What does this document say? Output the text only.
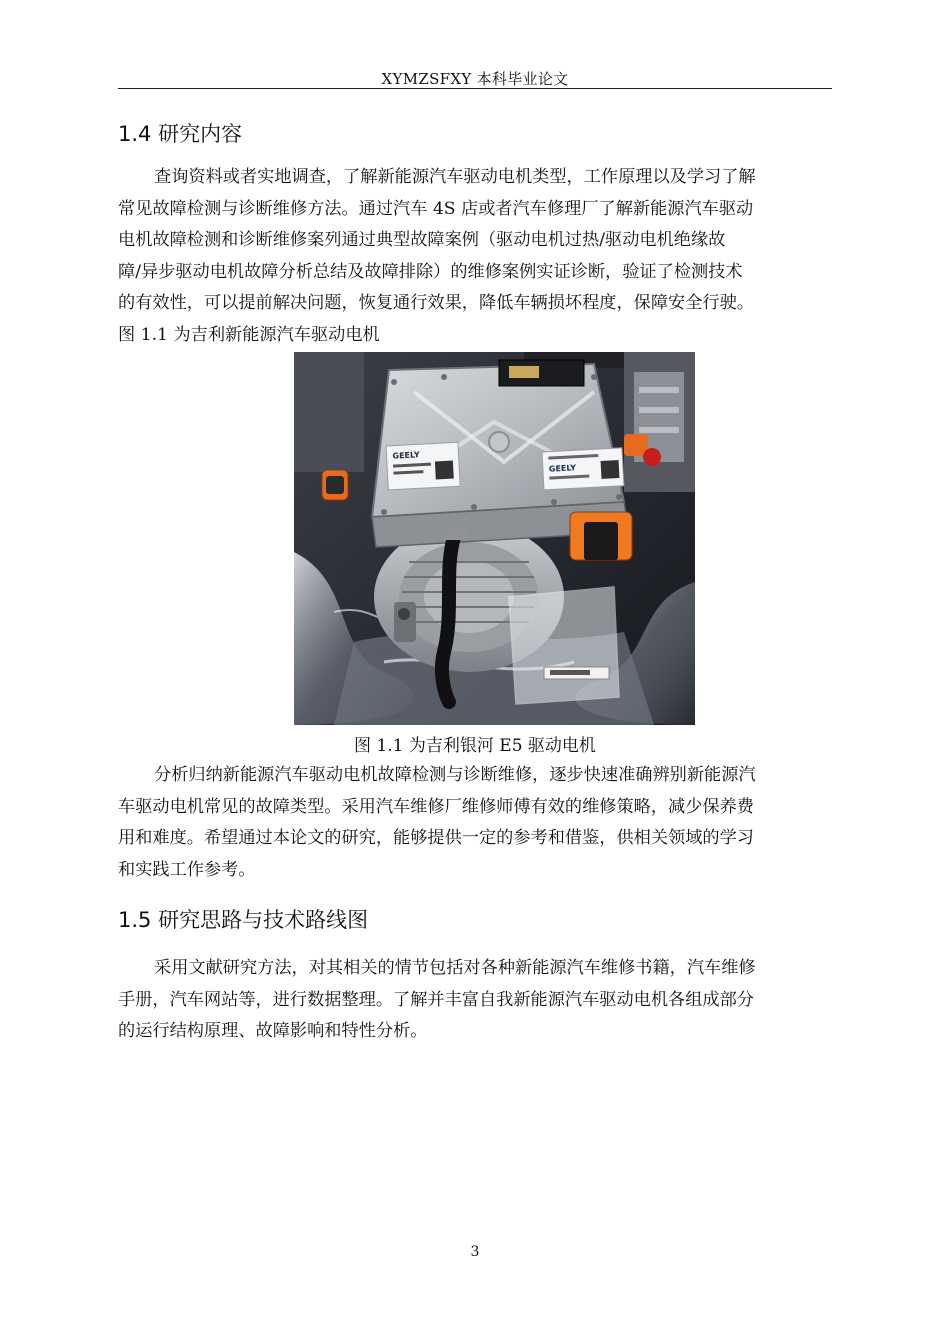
XYMZSFXY 本科毕业论文
1.4 研究内容
查询资料或者实地调查，了解新能源汽车驱动电机类型，工作原理以及学习了解
常见故障检测与诊断维修方法。通过汽车 4S 店或者汽车修理厂了解新能源汽车驱动
电机故障检测和诊断维修案列通过典型故障案例（驱动电机过热/驱动电机绝缘故
障/异步驱动电机故障分析总结及故障排除）的维修案例实证诊断，验证了检测技术
的有效性，可以提前解决问题，恢复通行效果，降低车辆损坏程度，保障安全行驶。
图 1.1 为吉利新能源汽车驱动电机
GEELY
GEELY
图 1.1 为吉利银河 E5 驱动电机
分析归纳新能源汽车驱动电机故障检测与诊断维修，逐步快速准确辨别新能源汽
车驱动电机常见的故障类型。采用汽车维修厂维修师傅有效的维修策略，减少保养费
用和难度。希望通过本论文的研究，能够提供一定的参考和借鉴，供相关领域的学习
和实践工作参考。
1.5 研究思路与技术路线图
采用文献研究方法，对其相关的情节包括对各种新能源汽车维修书籍，汽车维修
手册，汽车网站等，进行数据整理。了解并丰富自我新能源汽车驱动电机各组成部分
的运行结构原理、故障影响和特性分析。
3
